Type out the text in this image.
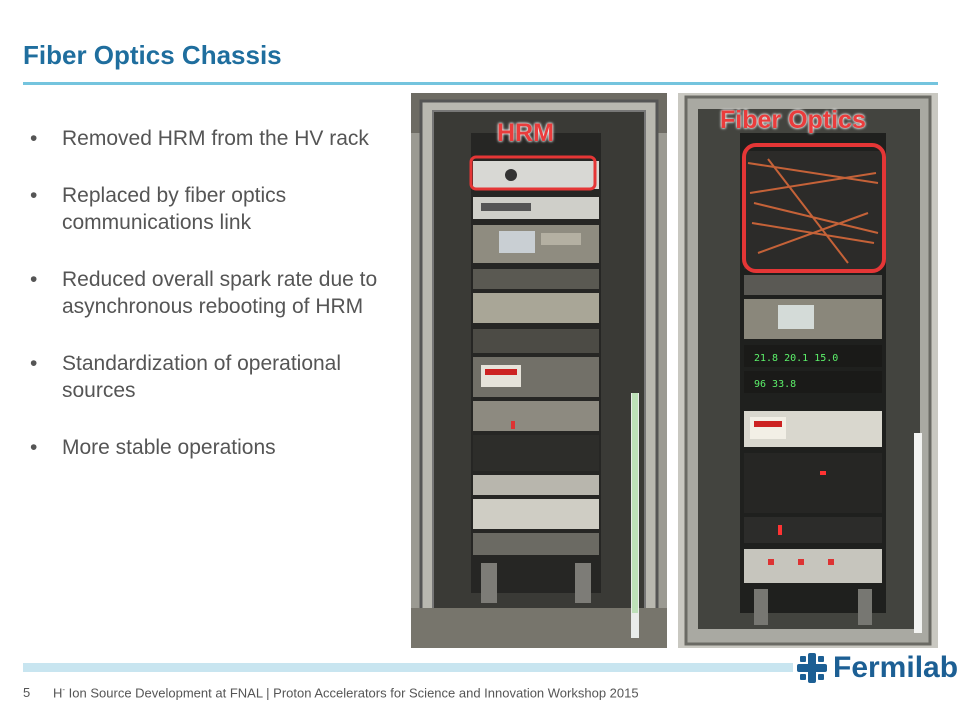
Fiber Optics Chassis
• Removed HRM from the HV rack
• Replaced by fiber optics communications link
• Reduced overall spark rate due to asynchronous rebooting of HRM
• Standardization of operational sources
• More stable operations
HRM
21.8 20.1 15.0
96 33.8
Fiber Optics
5 H- Ion Source Development at FNAL | Proton Accelerators for Science and Innovation Workshop 2015
Fermilab
